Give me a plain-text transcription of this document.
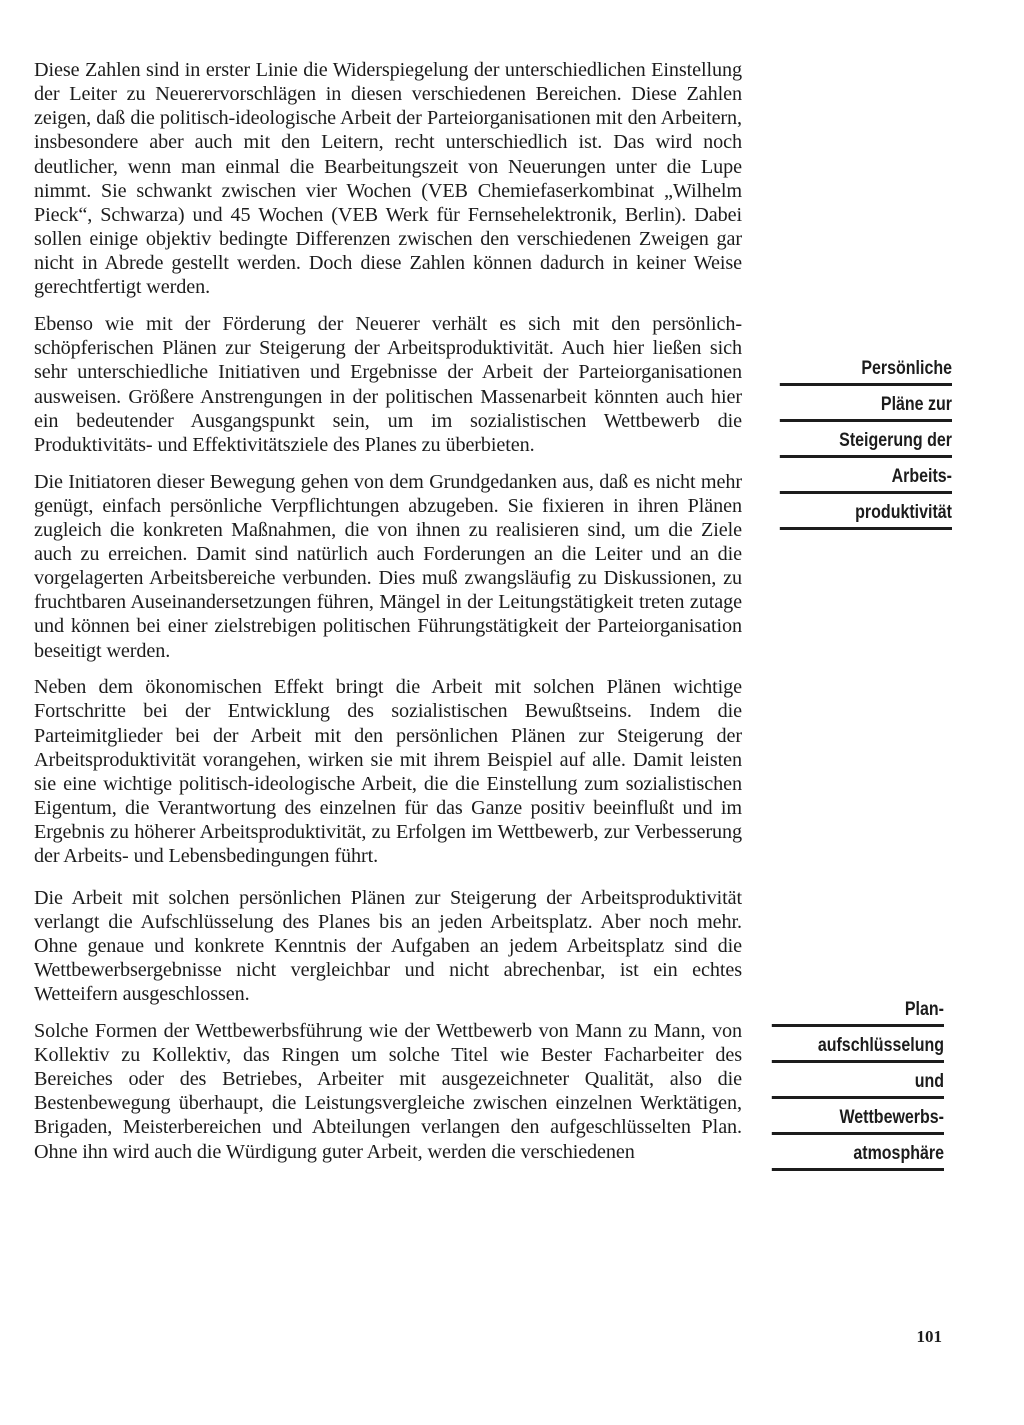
Diese Zahlen sind in erster Linie die Widerspiegelung der unterschiedlichen Einstellung der Leiter zu Neuerervorschlägen in diesen verschiedenen Bereichen. Diese Zahlen zeigen, daß die politisch-ideologische Arbeit der Parteiorganisationen mit den Arbeitern, insbesondere aber auch mit den Leitern, recht unterschiedlich ist. Das wird noch deutlicher, wenn man einmal die Bearbeitungszeit von Neuerungen unter die Lupe nimmt. Sie schwankt zwischen vier Wochen (VEB Chemiefaserkombinat „Wilhelm Pieck“, Schwarza) und 45 Wochen (VEB Werk für Fernsehelektronik, Berlin). Dabei sollen einige objektiv bedingte Differenzen zwischen den verschiedenen Zweigen gar nicht in Abrede gestellt werden. Doch diese Zahlen können dadurch in keiner Weise gerechtfertigt werden.

Ebenso wie mit der Förderung der Neuerer verhält es sich mit den persönlich-schöpferischen Plänen zur Steigerung der Arbeitsproduktivität. Auch hier ließen sich sehr unterschiedliche Initiativen und Ergebnisse der Arbeit der Parteiorganisationen ausweisen. Größere Anstrengungen in der politischen Massenarbeit könnten auch hier ein bedeutender Ausgangspunkt sein, um im sozialistischen Wettbewerb die Produktivitäts- und Effektivitätsziele des Planes zu überbieten.

Die Initiatoren dieser Bewegung gehen von dem Grundgedanken aus, daß es nicht mehr genügt, einfach persönliche Verpflichtungen abzugeben. Sie fixieren in ihren Plänen zugleich die konkreten Maßnahmen, die von ihnen zu realisieren sind, um die Ziele auch zu erreichen. Damit sind natürlich auch Forderungen an die Leiter und an die vorgelagerten Arbeitsbereiche verbunden. Dies muß zwangsläufig zu Diskussionen, zu fruchtbaren Auseinandersetzungen führen, Mängel in der Leitungstätigkeit treten zutage und können bei einer zielstrebigen politischen Führungstätigkeit der Parteiorganisation beseitigt werden.

Neben dem ökonomischen Effekt bringt die Arbeit mit solchen Plänen wichtige Fortschritte bei der Entwicklung des sozialistischen Bewußtseins. Indem die Parteimitglieder bei der Arbeit mit den persönlichen Plänen zur Steigerung der Arbeitsproduktivität vorangehen, wirken sie mit ihrem Beispiel auf alle. Damit leisten sie eine wichtige politisch-ideologische Arbeit, die die Einstellung zum sozialistischen Eigentum, die Verantwortung des einzelnen für das Ganze positiv beeinflußt und im Ergebnis zu höherer Arbeitsproduktivität, zu Erfolgen im Wettbewerb, zur Verbesserung der Arbeits- und Lebensbedingungen führt.

Die Arbeit mit solchen persönlichen Plänen zur Steigerung der Arbeitsproduktivität verlangt die Aufschlüsselung des Planes bis an jeden Arbeitsplatz. Aber noch mehr. Ohne genaue und konkrete Kenntnis der Aufgaben an jedem Arbeitsplatz sind die Wettbewerbsergebnisse nicht vergleichbar und nicht abrechenbar, ist ein echtes Wetteifern ausgeschlossen.

Solche Formen der Wettbewerbsführung wie der Wettbewerb von Mann zu Mann, von Kollektiv zu Kollektiv, das Ringen um solche Titel wie Bester Facharbeiter des Bereiches oder des Betriebes, Arbeiter mit ausgezeichneter Qualität, also die Bestenbewegung überhaupt, die Leistungsvergleiche zwischen einzelnen Werktätigen, Brigaden, Meisterbereichen und Abteilungen verlangen den aufgeschlüsselten Plan. Ohne ihn wird auch die Würdigung guter Arbeit, werden die verschiedenen

Persönliche
Pläne zur
Steigerung der
Arbeits-
produktivität
Plan-
aufschlüsselung
und
Wettbewerbs-
atmosphäre
101
